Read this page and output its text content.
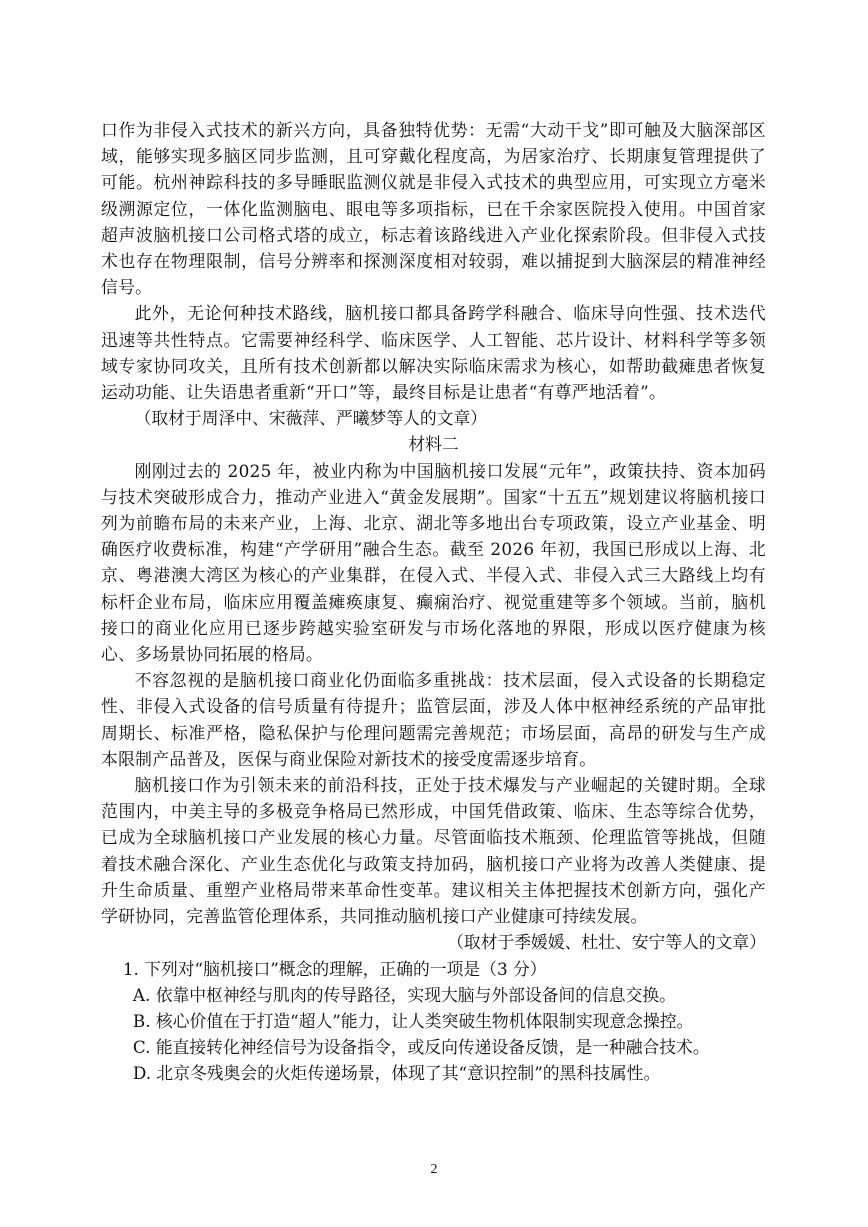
口作为非侵入式技术的新兴方向，具备独特优势：无需“大动干戈”即可触及大脑深部区域，能够实现多脑区同步监测，且可穿戴化程度高，为居家治疗、长期康复管理提供了可能。杭州神踪科技的多导睡眠监测仪就是非侵入式技术的典型应用，可实现立方毫米级溯源定位，一体化监测脑电、眼电等多项指标，已在千余家医院投入使用。中国首家超声波脑机接口公司格式塔的成立，标志着该路线进入产业化探索阶段。但非侵入式技术也存在物理限制，信号分辨率和探测深度相对较弱，难以捕捉到大脑深层的精准神经信号。

此外，无论何种技术路线，脑机接口都具备跨学科融合、临床导向性强、技术迭代迅速等共性特点。它需要神经科学、临床医学、人工智能、芯片设计、材料科学等多领域专家协同攻关，且所有技术创新都以解决实际临床需求为核心，如帮助截瘫患者恢复运动功能、让失语患者重新“开口”等，最终目标是让患者“有尊严地活着”。

（取材于周泽中、宋薇萍、严曦梦等人的文章）

材料二

刚刚过去的 2025 年，被业内称为中国脑机接口发展“元年”，政策扶持、资本加码与技术突破形成合力，推动产业进入“黄金发展期”。国家“十五五”规划建议将脑机接口列为前瞻布局的未来产业，上海、北京、湖北等多地出台专项政策，设立产业基金、明确医疗收费标准，构建“产学研用”融合生态。截至 2026 年初，我国已形成以上海、北京、粤港澳大湾区为核心的产业集群，在侵入式、半侵入式、非侵入式三大路线上均有标杆企业布局，临床应用覆盖瘫痪康复、癫痫治疗、视觉重建等多个领域。当前，脑机接口的商业化应用已逐步跨越实验室研发与市场化落地的界限，形成以医疗健康为核心、多场景协同拓展的格局。

不容忽视的是脑机接口商业化仍面临多重挑战：技术层面，侵入式设备的长期稳定性、非侵入式设备的信号质量有待提升；监管层面，涉及人体中枢神经系统的产品审批周期长、标准严格，隐私保护与伦理问题需完善规范；市场层面，高昂的研发与生产成本限制产品普及，医保与商业保险对新技术的接受度需逐步培育。

脑机接口作为引领未来的前沿科技，正处于技术爆发与产业崛起的关键时期。全球范围内，中美主导的多极竞争格局已然形成，中国凭借政策、临床、生态等综合优势，已成为全球脑机接口产业发展的核心力量。尽管面临技术瓶颈、伦理监管等挑战，但随着技术融合深化、产业生态优化与政策支持加码，脑机接口产业将为改善人类健康、提升生命质量、重塑产业格局带来革命性变革。建议相关主体把握技术创新方向，强化产学研协同，完善监管伦理体系，共同推动脑机接口产业健康可持续发展。

（取材于季媛媛、杜壮、安宁等人的文章）

1. 下列对“脑机接口”概念的理解，正确的一项是（3 分）

A. 依靠中枢神经与肌肉的传导路径，实现大脑与外部设备间的信息交换。

B. 核心价值在于打造“超人”能力，让人类突破生物机体限制实现意念操控。

C. 能直接转化神经信号为设备指令，或反向传递设备反馈，是一种融合技术。

D. 北京冬残奥会的火炬传递场景，体现了其“意识控制”的黑科技属性。

2
